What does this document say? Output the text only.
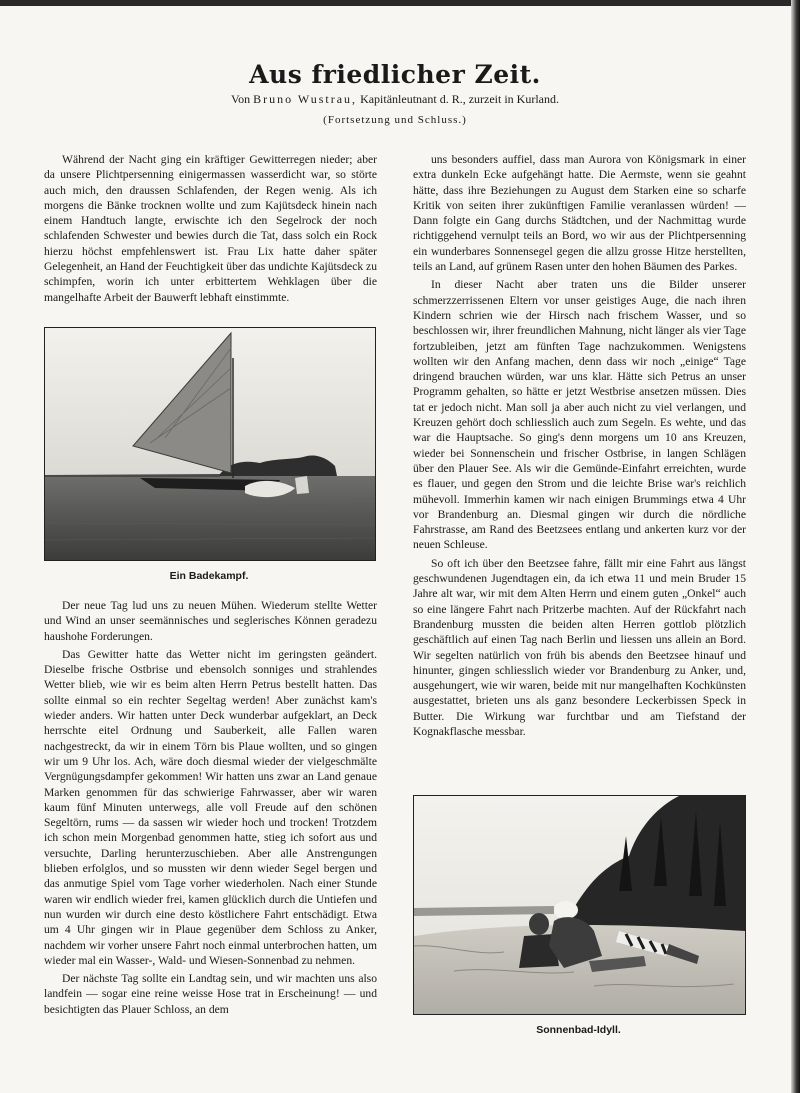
Aus friedlicher Zeit.
Von Bruno Wustrau, Kapitänleutnant d. R., zurzeit in Kurland.
(Fortsetzung und Schluss.)

Während der Nacht ging ein kräftiger Gewitterregen nieder; aber da unsere Plichtpersenning einigermassen wasserdicht war, so störte auch mich, den draussen Schlafenden, der Regen wenig. Als ich morgens die Bänke trocknen wollte und zum Kajütsdeck hinein nach einem Handtuch langte, erwischte ich den Segelrock der noch schlafenden Schwester und bewies durch die Tat, dass solch ein Rock hierzu höchst empfehlenswert ist. Frau Lix hatte daher später Gelegenheit, an Hand der Feuchtigkeit über das undichte Kajütsdeck zu schimpfen, worin ich unter erbittertem Wehklagen über die mangelhafte Arbeit der Bauwerft lebhaft einstimmte.

Ein Badekampf.

Der neue Tag lud uns zu neuen Mühen. Wiederum stellte Wetter und Wind an unser seemännisches und seglerisches Können geradezu haushohe Forderungen.

Das Gewitter hatte das Wetter nicht im geringsten geändert. Dieselbe frische Ostbrise und ebensolch sonniges und strahlendes Wetter blieb, wie wir es beim alten Herrn Petrus bestellt hatten. Das sollte einmal so ein rechter Segeltag werden! Aber zunächst kam's wieder anders. Wir hatten unter Deck wunderbar aufgeklart, an Deck herrschte eitel Ordnung und Sauberkeit, alle Fallen waren nachgestreckt, da wir in einem Törn bis Plaue wollten, und so gingen wir um 9 Uhr los. Ach, wäre doch diesmal wieder der vielgeschmälte Vergnügungsdampfer gekommen! Wir hatten uns zwar an Land genaue Marken genommen für das schwierige Fahrwasser, aber wir waren kaum fünf Minuten unterwegs, alle voll Freude auf den schönen Segeltörn, rums — da sassen wir wieder hoch und trocken! Trotzdem ich schon mein Morgenbad genommen hatte, stieg ich sofort aus und versuchte, Darling herunterzuschieben. Aber alle Anstrengungen blieben erfolglos, und so mussten wir denn wieder Segel bergen und das anmutige Spiel vom Tage vorher wiederholen. Nach einer Stunde waren wir endlich wieder frei, kamen glücklich durch die Untiefen und nun wurden wir durch eine desto köstlichere Fahrt entschädigt. Etwa um 4 Uhr gingen wir in Plaue gegenüber dem Schloss zu Anker, nachdem wir vorher unsere Fahrt noch einmal unterbrochen hatten, um wieder mal ein Wasser-, Wald- und Wiesen-Sonnenbad zu nehmen.

Der nächste Tag sollte ein Landtag sein, und wir machten uns also landfein — sogar eine reine weisse Hose trat in Erscheinung! — und besichtigten das Plauer Schloss, an dem

uns besonders auffiel, dass man Aurora von Königsmark in einer extra dunkeln Ecke aufgehängt hatte. Die Aermste, wenn sie geahnt hätte, dass ihre Beziehungen zu August dem Starken eine so scharfe Kritik von seiten ihrer zukünftigen Familie veranlassen würden! — Dann folgte ein Gang durchs Städtchen, und der Nachmittag wurde richtiggehend vernulpt teils an Bord, wo wir aus der Plichtpersenning ein wunderbares Sonnensegel gegen die allzu grosse Hitze herstellten, teils an Land, auf grünem Rasen unter den hohen Bäumen des Parkes.

In dieser Nacht aber traten uns die Bilder unserer schmerzzerrissenen Eltern vor unser geistiges Auge, die nach ihren Kindern schrien wie der Hirsch nach frischem Wasser, und so beschlossen wir, ihrer freundlichen Mahnung, nicht länger als vier Tage fortzubleiben, jetzt am fünften Tage nachzukommen. Wenigstens wollten wir den Anfang machen, denn dass wir noch „einige“ Tage dringend brauchen würden, war uns klar. Hätte sich Petrus an unser Programm gehalten, so hätte er jetzt Westbrise ansetzen müssen. Dies tat er jedoch nicht. Man soll ja aber auch nicht zu viel verlangen, und Kreuzen gehört doch schliesslich auch zum Segeln. Es wehte, und das war die Hauptsache. So ging's denn morgens um 10 ans Kreuzen, wieder bei Sonnenschein und frischer Ostbrise, in langen Schlägen über den Plauer See. Als wir die Gemünde-Einfahrt erreichten, wurde es flauer, und gegen den Strom und die leichte Brise war's reichlich mühevoll. Immerhin kamen wir nach einigen Brummings etwa 4 Uhr vor Brandenburg an. Diesmal gingen wir durch die nördliche Fahrstrasse, am Rand des Beetzsees entlang und ankerten kurz vor der neuen Schleuse.

So oft ich über den Beetzsee fahre, fällt mir eine Fahrt aus längst geschwundenen Jugendtagen ein, da ich etwa 11 und mein Bruder 15 Jahre alt war, wir mit dem Alten Herrn und einem guten „Onkel“ auch so eine längere Fahrt nach Pritzerbe machten. Auf der Rückfahrt nach Brandenburg mussten die beiden alten Herren gottlob plötzlich geschäftlich auf einen Tag nach Berlin und liessen uns allein an Bord. Wir segelten natürlich von früh bis abends den Beetzsee hinauf und hinunter, gingen schliesslich wieder vor Brandenburg zu Anker, und, ausgehungert, wie wir waren, beide mit nur mangelhaften Kochkünsten ausgestattet, brieten uns als ganz besondere Leckerbissen Speck in Butter. Die Wirkung war furchtbar und am Tiefstand der Kognakflasche messbar.

Sonnenbad-Idyll.
